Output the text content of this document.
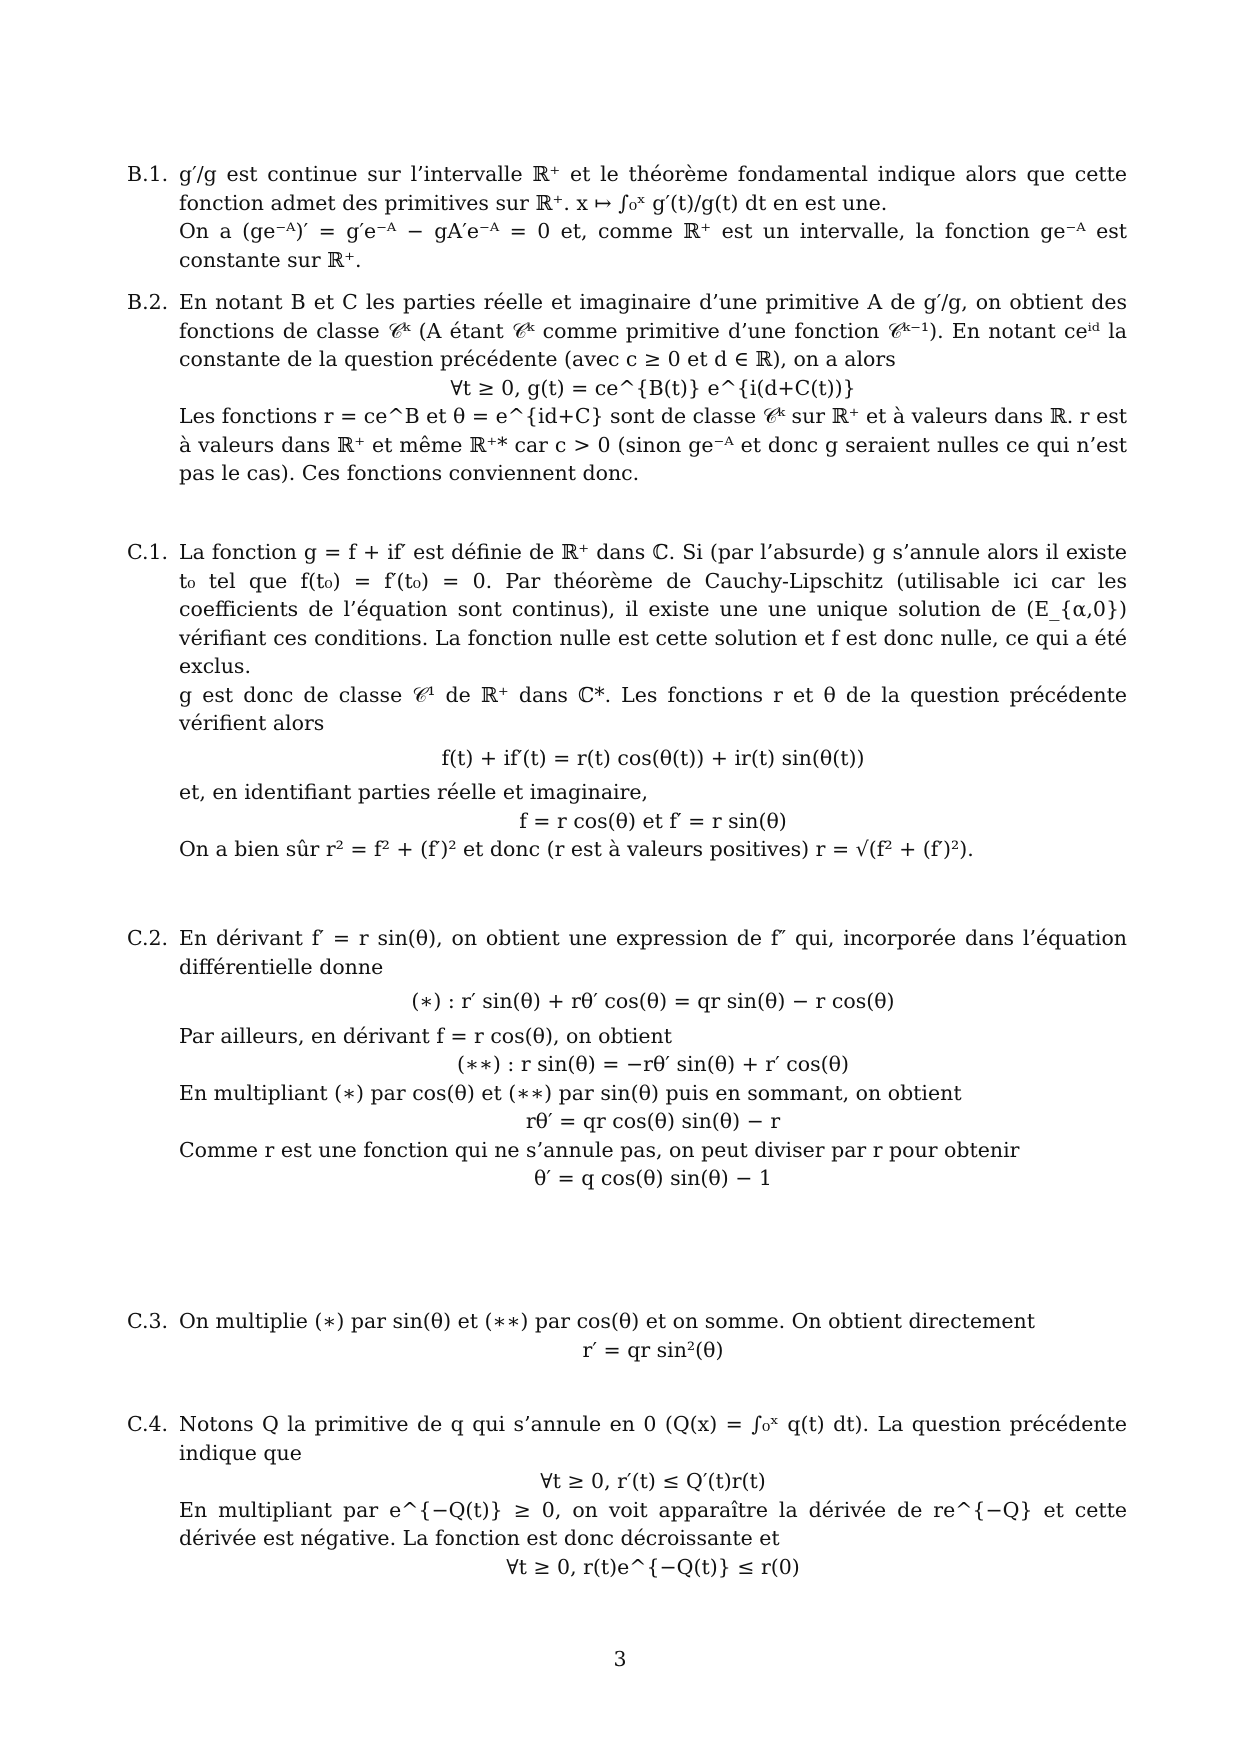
B.1. g′/g est continue sur l’intervalle ℝ⁺ et le théorème fondamental indique alors que cette fonction admet des primitives sur ℝ⁺. x ↦ ∫₀ˣ g′(t)/g(t) dt en est une.

On a (ge⁻ᴬ)′ = g′e⁻ᴬ − gA′e⁻ᴬ = 0 et, comme ℝ⁺ est un intervalle, la fonction ge⁻ᴬ est constante sur ℝ⁺.

B.2. En notant B et C les parties réelle et imaginaire d’une primitive A de g′/g, on obtient des fonctions de classe 𝒞ᵏ (A étant 𝒞ᵏ comme primitive d’une fonction 𝒞ᵏ⁻¹). En notant ceⁱᵈ la constante de la question précédente (avec c ≥ 0 et d ∈ ℝ), on a alors

∀t ≥ 0, g(t) = ce^{B(t)} e^{i(d+C(t))}

Les fonctions r = ce^B et θ = e^{id+C} sont de classe 𝒞ᵏ sur ℝ⁺ et à valeurs dans ℝ. r est à valeurs dans ℝ⁺ et même ℝ⁺* car c > 0 (sinon ge⁻ᴬ et donc g seraient nulles ce qui n’est pas le cas). Ces fonctions conviennent donc.

C.1. La fonction g = f + if′ est définie de ℝ⁺ dans ℂ. Si (par l’absurde) g s’annule alors il existe t₀ tel que f(t₀) = f′(t₀) = 0. Par théorème de Cauchy-Lipschitz (utilisable ici car les coefficients de l’équation sont continus), il existe une une unique solution de (E_{α,0}) vérifiant ces conditions. La fonction nulle est cette solution et f est donc nulle, ce qui a été exclus.

g est donc de classe 𝒞¹ de ℝ⁺ dans ℂ*. Les fonctions r et θ de la question précédente vérifient alors

f(t) + if′(t) = r(t) cos(θ(t)) + ir(t) sin(θ(t))

et, en identifiant parties réelle et imaginaire,

f = r cos(θ) et f′ = r sin(θ)

On a bien sûr r² = f² + (f′)² et donc (r est à valeurs positives) r = √(f² + (f′)²).

C.2. En dérivant f′ = r sin(θ), on obtient une expression de f″ qui, incorporée dans l’équation différentielle donne

(∗) : r′ sin(θ) + rθ′ cos(θ) = qr sin(θ) − r cos(θ)

Par ailleurs, en dérivant f = r cos(θ), on obtient

(∗∗) : r sin(θ) = −rθ′ sin(θ) + r′ cos(θ)

En multipliant (∗) par cos(θ) et (∗∗) par sin(θ) puis en sommant, on obtient

rθ′ = qr cos(θ) sin(θ) − r

Comme r est une fonction qui ne s’annule pas, on peut diviser par r pour obtenir

θ′ = q cos(θ) sin(θ) − 1

C.3. On multiplie (∗) par sin(θ) et (∗∗) par cos(θ) et on somme. On obtient directement

r′ = qr sin²(θ)

C.4. Notons Q la primitive de q qui s’annule en 0 (Q(x) = ∫₀ˣ q(t) dt). La question précédente indique que

∀t ≥ 0, r′(t) ≤ Q′(t)r(t)

En multipliant par e^{−Q(t)} ≥ 0, on voit apparaître la dérivée de re^{−Q} et cette dérivée est négative. La fonction est donc décroissante et

∀t ≥ 0, r(t)e^{−Q(t)} ≤ r(0)

3
